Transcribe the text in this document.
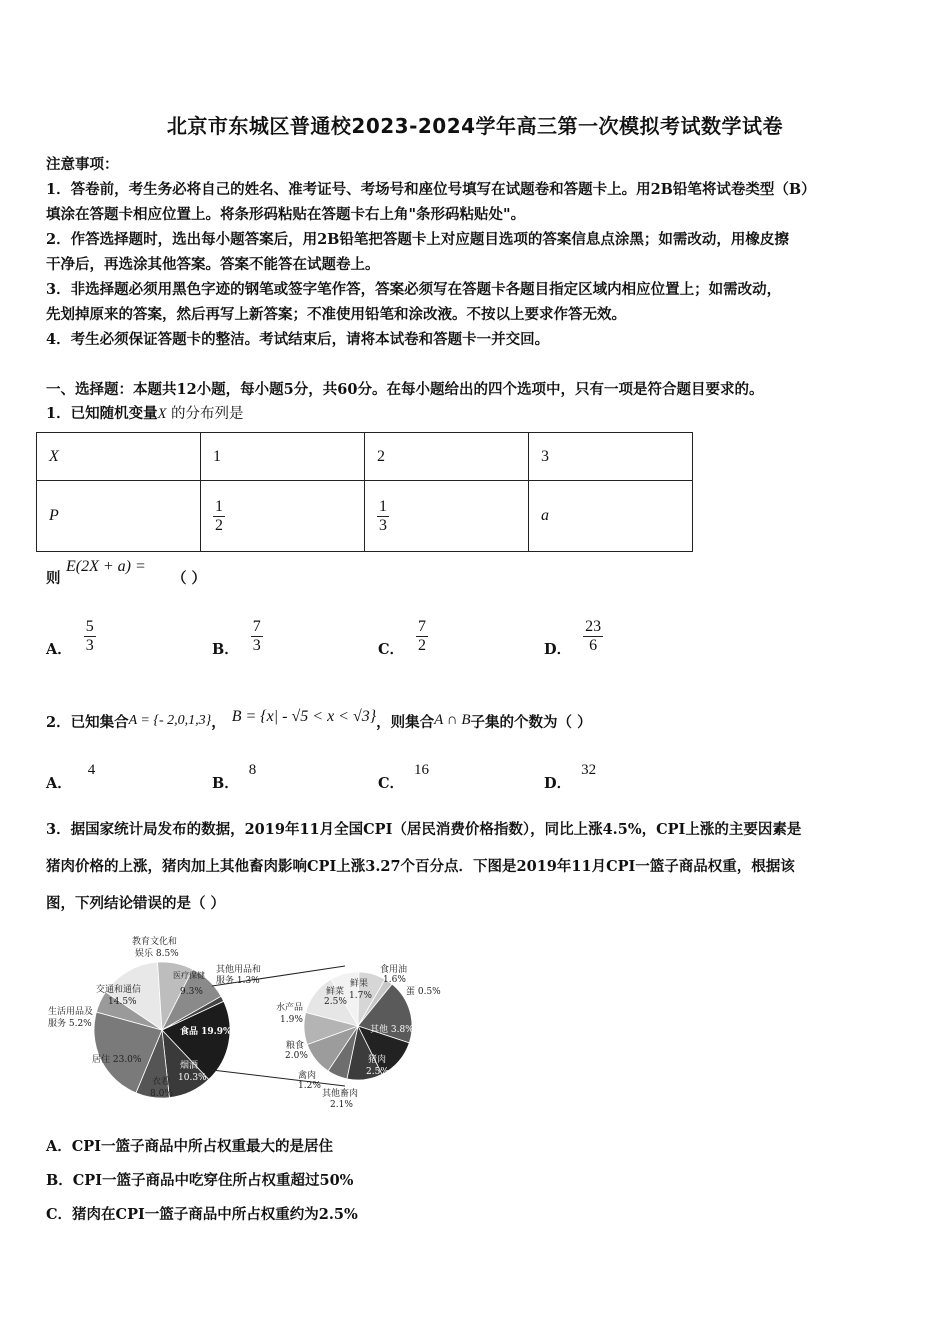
北京市东城区普通校2023-2024学年高三第一次模拟考试数学试卷
注意事项：
1．答卷前，考生务必将自己的姓名、准考证号、考场号和座位号填写在试题卷和答题卡上。用2B铅笔将试卷类型（B）
填涂在答题卡相应位置上。将条形码粘贴在答题卡右上角"条形码粘贴处"。
2．作答选择题时，选出每小题答案后，用2B铅笔把答题卡上对应题目选项的答案信息点涂黑；如需改动，用橡皮擦
干净后，再选涂其他答案。答案不能答在试题卷上。
3．非选择题必须用黑色字迹的钢笔或签字笔作答，答案必须写在答题卡各题目指定区域内相应位置上；如需改动，
先划掉原来的答案，然后再写上新答案；不准使用铅笔和涂改液。不按以上要求作答无效。
4．考生必须保证答题卡的整洁。考试结束后，请将本试卷和答题卡一并交回。
一、选择题：本题共12小题，每小题5分，共60分。在每小题给出的四个选项中，只有一项是符合题目要求的。
1．已知随机变量X 的分布列是
X	1	2	3
P	$\frac{1}{2}$	$\frac{1}{3}$	a
则
E(2X + a) =
（ ）
A． $\frac{5}{3}$	B． $\frac{7}{3}$	C． $\frac{7}{2}$	D． $\frac{23}{6}$
2．已知集合A = {- 2,0,1,3}， B = {x| - √5 < x < √3}，则集合A ∩ B子集的个数为（ ）
A．4
B．8
C．16
D．32
3．据国家统计局发布的数据，2019年11月全国CPI（居民消费价格指数），同比上涨4.5%，CPI上涨的主要因素是
猪肉价格的上涨，猪肉加上其他畜肉影响CPI上涨3.27个百分点．下图是2019年11月CPI一篮子商品权重，根据该
图，下列结论错误的是（ ）
教育文化和
娱乐 8.5%
医疗保健
9.3%
其他用品和
服务 1.3%
交通和通信
14.5%
生活用品及
服务 5.2%
食品 19.9%
居住 23.0%
衣着
8.0%
烟酒
10.3%
食用油
1.6%
鲜果
1.7%
鲜菜
2.5%
蛋 0.5%
水产品
1.9%
其他 3.8%
粮食
2.0%	猪肉
2.5%
禽肉
1.2%
其他畜肉
2.1%
A．CPI一篮子商品中所占权重最大的是居住
B．CPI一篮子商品中吃穿住所占权重超过50%
C．猪肉在CPI一篮子商品中所占权重约为2.5%
